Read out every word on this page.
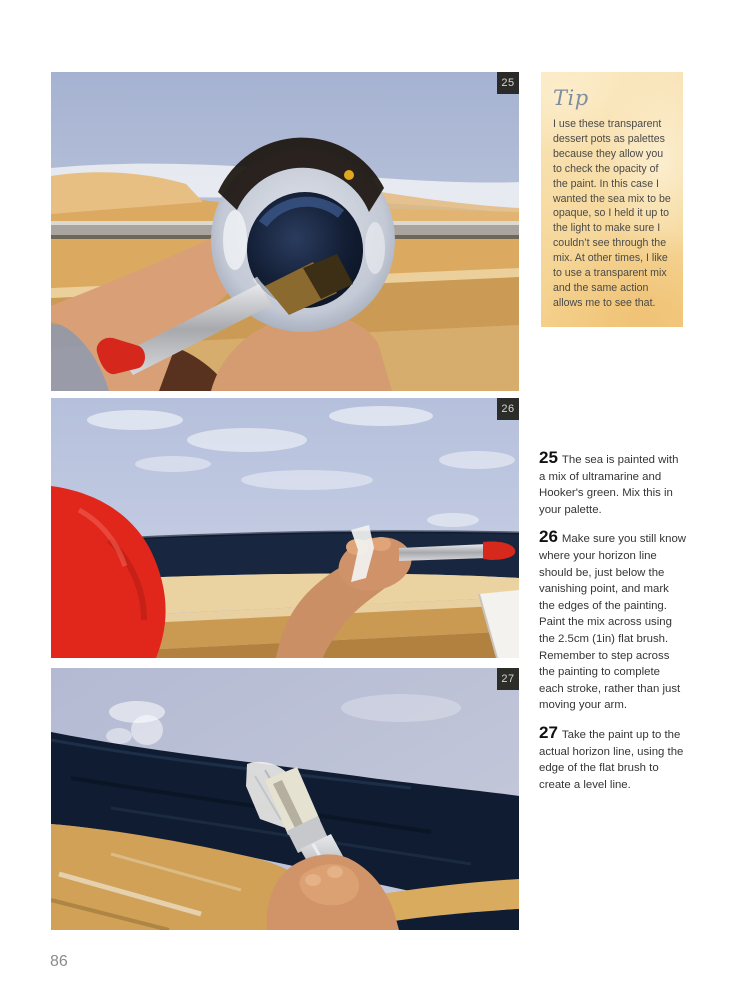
25
26
27
Tip

I use these transparent dessert pots as palettes because they allow you to check the opacity of the paint. In this case I wanted the sea mix to be opaque, so I held it up to the light to make sure I couldn’t see through the mix. At other times, I like to use a transparent mix and the same action allows me to see that.

25 The sea is painted with a mix of ultramarine and Hooker's green. Mix this in your palette.

26 Make sure you still know where your horizon line should be, just below the vanishing point, and mark the edges of the painting. Paint the mix across using the 2.5cm (1in) flat brush. Remember to step across the painting to complete each stroke, rather than just moving your arm.

27 Take the paint up to the actual horizon line, using the edge of the flat brush to create a level line.

86
